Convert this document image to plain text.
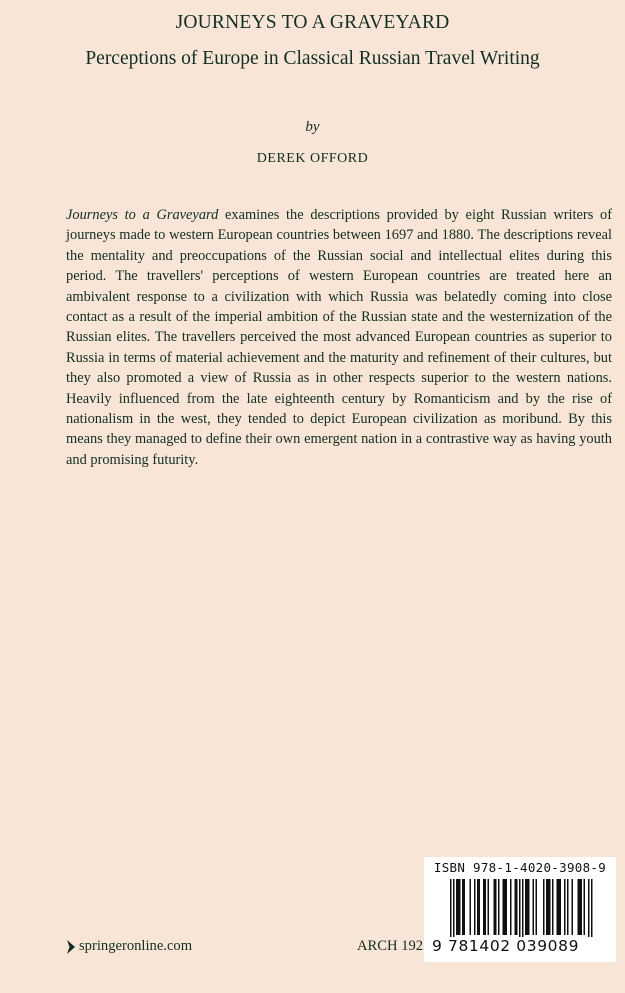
JOURNEYS TO A GRAVEYARD
Perceptions of Europe in Classical Russian Travel Writing
by
DEREK OFFORD

Journeys to a Graveyard examines the descriptions provided by eight Russian writers of journeys made to western European countries between 1697 and 1880. The descriptions reveal the mentality and preoccupations of the Russian social and intellectual elites during this period. The travellers' perceptions of western European countries are treated here an ambivalent response to a civilization with which Russia was belatedly coming into close contact as a result of the imperial ambition of the Russian state and the westernization of the Russian elites. The travellers perceived the most advanced European countries as superior to Russia in terms of material achievement and the maturity and refinement of their cultures, but they also promoted a view of Russia as in other respects superior to the western nations. Heavily influenced from the late eighteenth century by Romanticism and by the rise of nationalism in the west, they tended to depict European civilization as moribund. By this means they managed to define their own emergent nation in a contrastive way as having youth and promising futurity.

springeronline.com	ARCH 192
ISBN 978-1-4020-3908-9
9 781402 039089
